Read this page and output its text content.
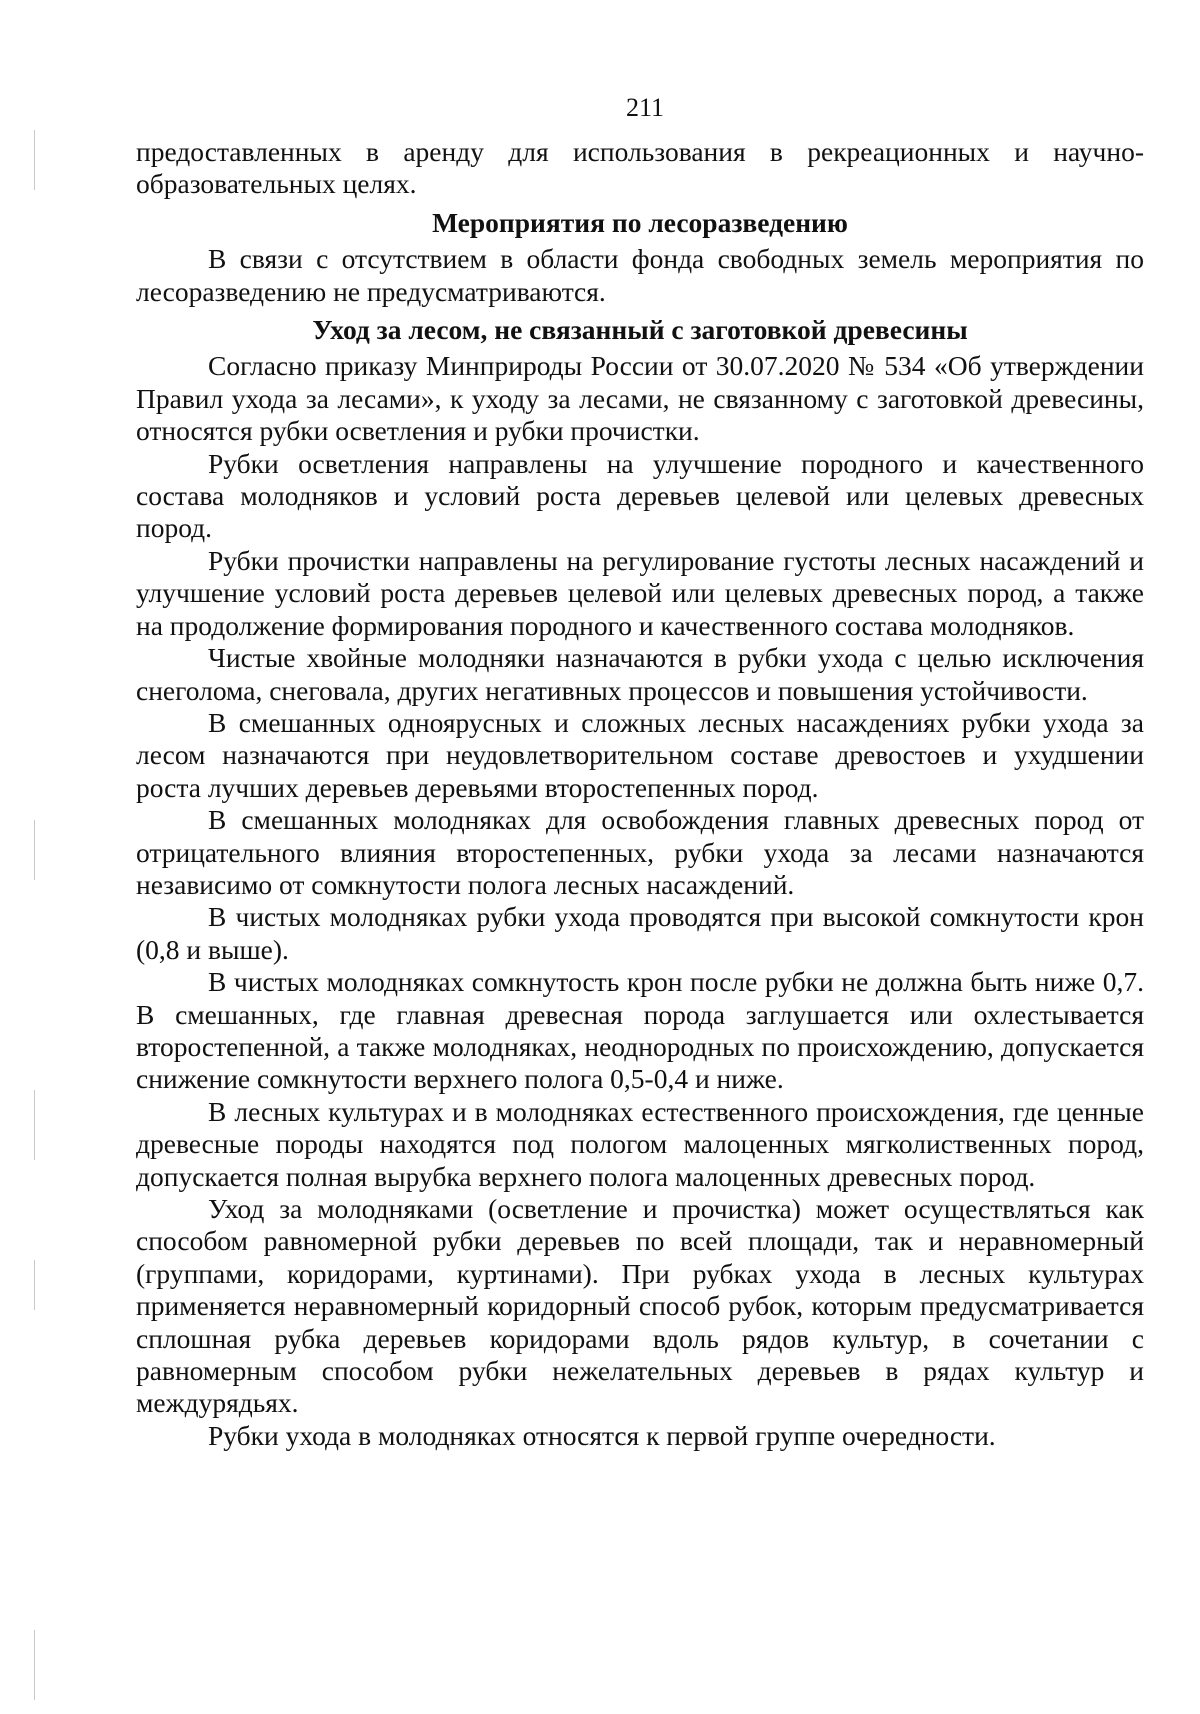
211

предоставленных в аренду для использования в рекреационных и научно-образовательных целях.

Мероприятия по лесоразведению

В связи с отсутствием в области фонда свободных земель мероприятия по лесоразведению не предусматриваются.

Уход за лесом, не связанный с заготовкой древесины

Согласно приказу Минприроды России от 30.07.2020 № 534 «Об утверждении Правил ухода за лесами», к уходу за лесами, не связанному с заготовкой древесины, относятся рубки осветления и рубки прочистки.

Рубки осветления направлены на улучшение породного и качественного состава молодняков и условий роста деревьев целевой или целевых древесных пород.

Рубки прочистки направлены на регулирование густоты лесных насаждений и улучшение условий роста деревьев целевой или целевых древесных пород, а также на продолжение формирования породного и качественного состава молодняков.

Чистые хвойные молодняки назначаются в рубки ухода с целью исключения снеголома, снеговала, других негативных процессов и повышения устойчивости.

В смешанных одноярусных и сложных лесных насаждениях рубки ухода за лесом назначаются при неудовлетворительном составе древостоев и ухудшении роста лучших деревьев деревьями второстепенных пород.

В смешанных молодняках для освобождения главных древесных пород от отрицательного влияния второстепенных, рубки ухода за лесами назначаются независимо от сомкнутости полога лесных насаждений.

В чистых молодняках рубки ухода проводятся при высокой сомкнутости крон (0,8 и выше).

В чистых молодняках сомкнутость крон после рубки не должна быть ниже 0,7. В смешанных, где главная древесная порода заглушается или охлестывается второстепенной, а также молодняках, неоднородных по происхождению, допускается снижение сомкнутости верхнего полога 0,5-0,4 и ниже.

В лесных культурах и в молодняках естественного происхождения, где ценные древесные породы находятся под пологом малоценных мягколиственных пород, допускается полная вырубка верхнего полога малоценных древесных пород.

Уход за молодняками (осветление и прочистка) может осуществляться как способом равномерной рубки деревьев по всей площади, так и неравномерный (группами, коридорами, куртинами). При рубках ухода в лесных культурах применяется неравномерный коридорный способ рубок, которым предусматривается сплошная рубка деревьев коридорами вдоль рядов культур, в сочетании с равномерным способом рубки нежелательных деревьев в рядах культур и междурядьях.

Рубки ухода в молодняках относятся к первой группе очередности.
